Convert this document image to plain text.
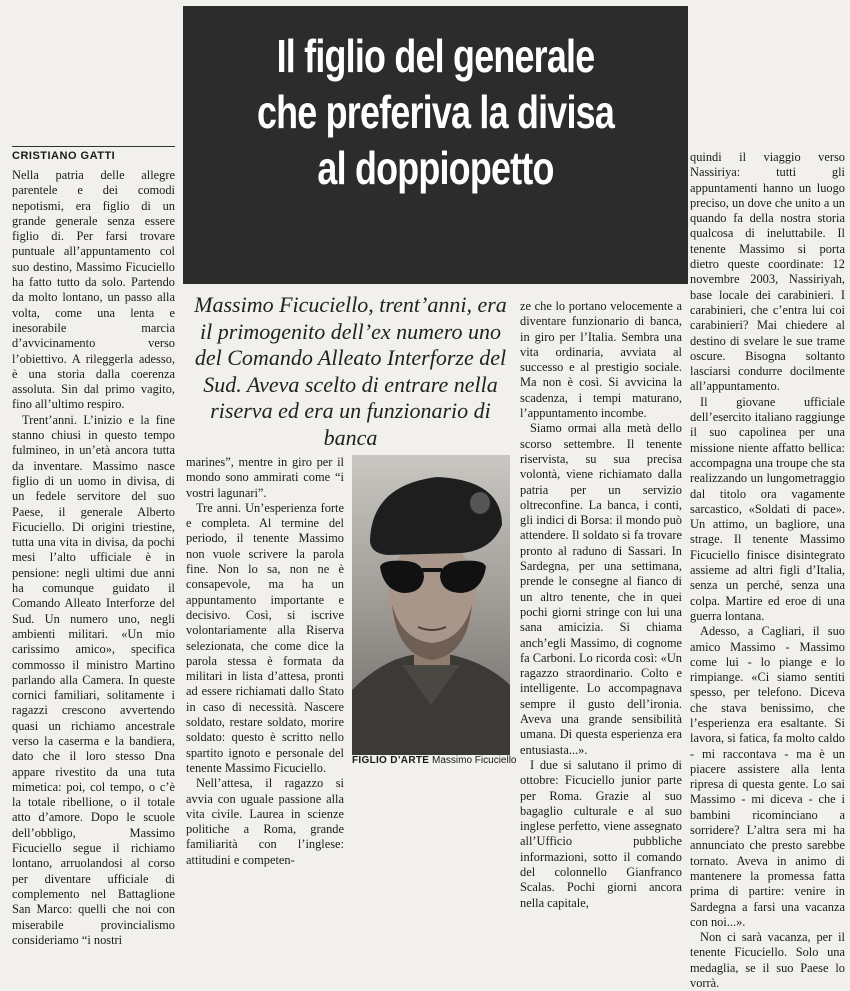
Il figlio del generale
che preferiva la divisa
al doppiopetto
CRISTIANO GATTI

Nella patria delle allegre parentele e dei comodi nepotismi, era figlio di un grande generale senza essere figlio di. Per farsi trovare puntuale all’appuntamento col suo destino, Massimo Ficuciello ha fatto tutto da solo. Partendo da molto lontano, un passo alla volta, come una lenta e inesorabile marcia d’avvicinamento verso l’obiettivo. A rileggerla adesso, è una storia dalla coerenza assoluta. Sin dal primo vagito, fino all’ultimo respiro.

Trent’anni. L’inizio e la fine stanno chiusi in questo tempo fulmineo, in un’età ancora tutta da inventare. Massimo nasce figlio di un uomo in divisa, di un fedele servitore del suo Paese, il generale Alberto Ficuciello. Di origini triestine, tutta una vita in divisa, da pochi mesi l’alto ufficiale è in pensione: negli ultimi due anni ha comunque guidato il Comando Alleato Interforze del Sud. Un numero uno, negli ambienti militari. «Un mio carissimo amico», specifica commosso il ministro Martino parlando alla Camera. In queste cornici familiari, solitamente i ragazzi crescono avvertendo quasi un richiamo ancestrale verso la caserma e la bandiera, dato che il loro stesso Dna appare rivestito da una tuta mimetica: poi, col tempo, o c’è la totale ribellione, o il totale atto d’amore. Dopo le scuole dell’obbligo, Massimo Ficuciello segue il richiamo lontano, arruolandosi al corso per diventare ufficiale di complemento nel Battaglione San Marco: quelli che noi con miserabile provincialismo consideriamo “i nostri

Massimo Ficuciello, trent’anni, era il primogenito dell’ex numero uno del Comando Alleato Interforze del Sud. Aveva scelto di entrare nella riserva ed era un funzionario di banca

marines”, mentre in giro per il mondo sono ammirati come “i vostri lagunari”.

Tre anni. Un’esperienza forte e completa. Al termine del periodo, il tenente Massimo non vuole scrivere la parola fine. Non lo sa, non ne è consapevole, ma ha un appuntamento importante e decisivo. Così, si iscrive volontariamente alla Riserva selezionata, che come dice la parola stessa è formata da militari in lista d’attesa, pronti ad essere richiamati dallo Stato in caso di necessità. Nascere soldato, restare soldato, morire soldato: questo è scritto nello spartito ignoto e personale del tenente Massimo Ficuciello.

Nell’attesa, il ragazzo si avvia con uguale passione alla vita civile. Laurea in scienze politiche a Roma, grande familiarità con l’inglese: attitudini e competen-

FIGLIO D’ARTE Massimo Ficuciello

ze che lo portano velocemente a diventare funzionario di banca, in giro per l’Italia. Sembra una vita ordinaria, avviata al successo e al prestigio sociale. Ma non è così. Si avvicina la scadenza, i tempi maturano, l’appuntamento incombe.

Siamo ormai alla metà dello scorso settembre. Il tenente riservista, su sua precisa volontà, viene richiamato dalla patria per un servizio oltreconfine. La banca, i conti, gli indici di Borsa: il mondo può attendere. Il soldato si fa trovare pronto al raduno di Sassari. In Sardegna, per una settimana, prende le consegne al fianco di un altro tenente, che in quei pochi giorni stringe con lui una sana amicizia. Si chiama anch’egli Massimo, di cognome fa Carboni. Lo ricorda così: «Un ragazzo straordinario. Colto e intelligente. Lo accompagnava sempre il gusto dell’ironia. Aveva una grande sensibilità umana. Di questa esperienza era entusiasta...».

I due si salutano il primo di ottobre: Ficuciello junior parte per Roma. Grazie al suo bagaglio culturale e al suo inglese perfetto, viene assegnato all’Ufficio pubbliche informazioni, sotto il comando del colonnello Gianfranco Scalas. Pochi giorni ancora nella capitale,

quindi il viaggio verso Nassiriya: tutti gli appuntamenti hanno un luogo preciso, un dove che unito a un quando fa della nostra storia qualcosa di ineluttabile. Il tenente Massimo si porta dietro queste coordinate: 12 novembre 2003, Nassiriyah, base locale dei carabinieri. I carabinieri, che c’entra lui coi carabinieri? Mai chiedere al destino di svelare le sue trame oscure. Bisogna soltanto lasciarsi condurre docilmente all’appuntamento.

Il giovane ufficiale dell’esercito italiano raggiunge il suo capolinea per una missione niente affatto bellica: accompagna una troupe che sta realizzando un lungometraggio dal titolo ora vagamente sarcastico, «Soldati di pace». Un attimo, un bagliore, una strage. Il tenente Massimo Ficuciello finisce disintegrato assieme ad altri figli d’Italia, senza un perché, senza una colpa. Martire ed eroe di una guerra lontana.

Adesso, a Cagliari, il suo amico Massimo - Massimo come lui - lo piange e lo rimpiange. «Ci siamo sentiti spesso, per telefono. Diceva che stava benissimo, che l’esperienza era esaltante. Si lavora, si fatica, fa molto caldo - mi raccontava - ma è un piacere assistere alla lenta ripresa di questa gente. Lo sai Massimo - mi diceva - che i bambini ricominciano a sorridere? L’altra sera mi ha annunciato che presto sarebbe tornato. Aveva in animo di mantenere la promessa fatta prima di partire: venire in Sardegna a farsi una vacanza con noi...».

Non ci sarà vacanza, per il tenente Ficuciello. Solo una medaglia, se il suo Paese lo vorrà.
